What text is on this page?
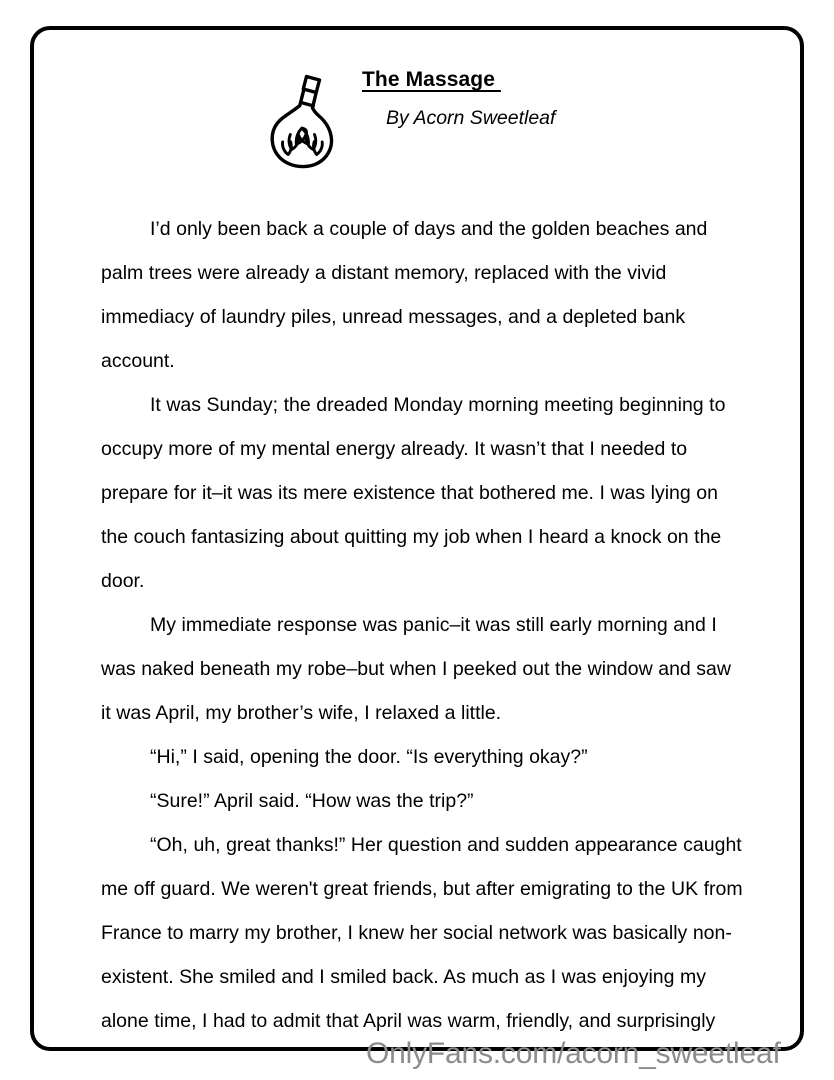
The Massage
By Acorn Sweetleaf

I’d only been back a couple of days and the golden beaches and palm trees were already a distant memory, replaced with the vivid immediacy of laundry piles, unread messages, and a depleted bank account.

It was Sunday; the dreaded Monday morning meeting beginning to occupy more of my mental energy already. It wasn’t that I needed to prepare for it–it was its mere existence that bothered me. I was lying on the couch fantasizing about quitting my job when I heard a knock on the door.

My immediate response was panic–it was still early morning and I was naked beneath my robe–but when I peeked out the window and saw it was April, my brother’s wife, I relaxed a little.

“Hi,” I said, opening the door. “Is everything okay?”

“Sure!” April said. “How was the trip?”

“Oh, uh, great thanks!” Her question and sudden appearance caught me off guard. We weren't great friends, but after emigrating to the UK from France to marry my brother, I knew her social network was basically non-existent. She smiled and I smiled back. As much as I was enjoying my alone time, I had to admit that April was warm, friendly, and surprisingly

OnlyFans.com/acorn_sweetleaf
